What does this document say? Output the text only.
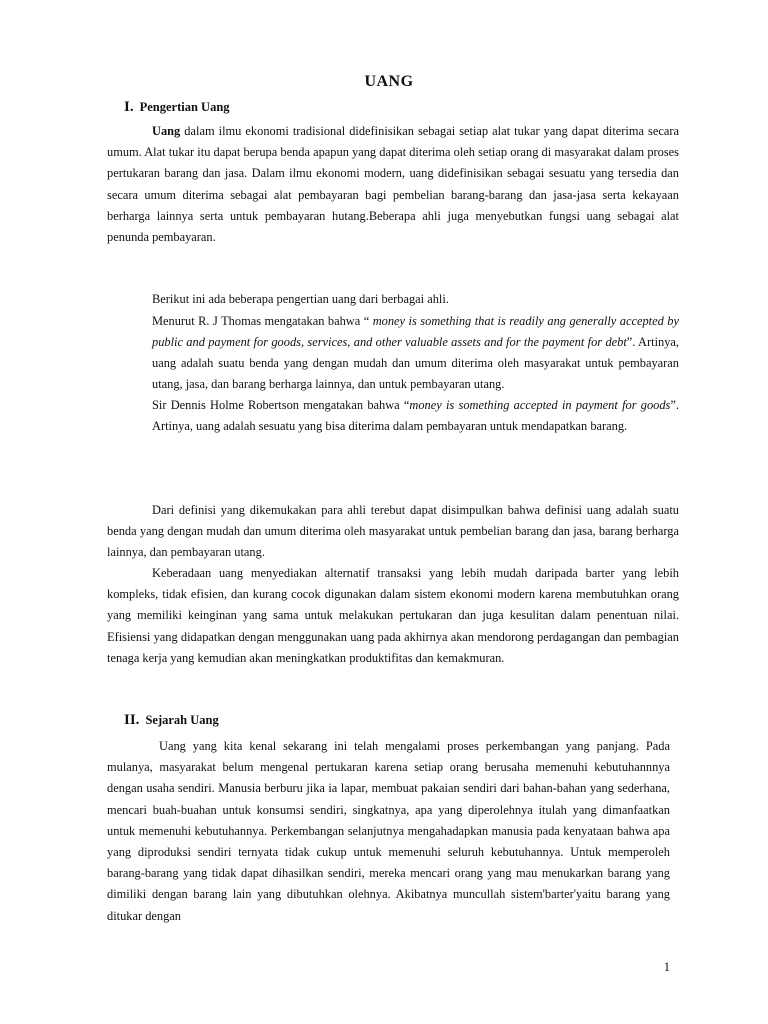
UANG
I. Pengertian Uang

Uang dalam ilmu ekonomi tradisional didefinisikan sebagai setiap alat tukar yang dapat diterima secara umum. Alat tukar itu dapat berupa benda apapun yang dapat diterima oleh setiap orang di masyarakat dalam proses pertukaran barang dan jasa. Dalam ilmu ekonomi modern, uang didefinisikan sebagai sesuatu yang tersedia dan secara umum diterima sebagai alat pembayaran bagi pembelian barang-barang dan jasa-jasa serta kekayaan berharga lainnya serta untuk pembayaran hutang.Beberapa ahli juga menyebutkan fungsi uang sebagai alat penunda pembayaran.

Berikut ini ada beberapa pengertian uang dari berbagai ahli.

Menurut R. J Thomas mengatakan bahwa “ money is something that is readily ang generally accepted by public and payment for goods, services, and other valuable assets and for the payment for debt”. Artinya, uang adalah suatu benda yang dengan mudah dan umum diterima oleh masyarakat untuk pembayaran utang, jasa, dan barang berharga lainnya, dan untuk pembayaran utang.
Sir Dennis Holme Robertson mengatakan bahwa “money is something accepted in payment for goods”. Artinya, uang adalah sesuatu yang bisa diterima dalam pembayaran untuk mendapatkan barang.

Dari definisi yang dikemukakan para ahli terebut dapat disimpulkan bahwa definisi uang adalah suatu benda yang dengan mudah dan umum diterima oleh masyarakat untuk pembelian barang dan jasa, barang berharga lainnya, dan pembayaran utang.

Keberadaan uang menyediakan alternatif transaksi yang lebih mudah daripada barter yang lebih kompleks, tidak efisien, dan kurang cocok digunakan dalam sistem ekonomi modern karena membutuhkan orang yang memiliki keinginan yang sama untuk melakukan pertukaran dan juga kesulitan dalam penentuan nilai. Efisiensi yang didapatkan dengan menggunakan uang pada akhirnya akan mendorong perdagangan dan pembagian tenaga kerja yang kemudian akan meningkatkan produktifitas dan kemakmuran.

II. Sejarah Uang

Uang yang kita kenal sekarang ini telah mengalami proses perkembangan yang panjang. Pada mulanya, masyarakat belum mengenal pertukaran karena setiap orang berusaha memenuhi kebutuhannnya dengan usaha sendiri. Manusia berburu jika ia lapar, membuat pakaian sendiri dari bahan-bahan yang sederhana, mencari buah-buahan untuk konsumsi sendiri, singkatnya, apa yang diperolehnya itulah yang dimanfaatkan untuk memenuhi kebutuhannya. Perkembangan selanjutnya mengahadapkan manusia pada kenyataan bahwa apa yang diproduksi sendiri ternyata tidak cukup untuk memenuhi seluruh kebutuhannya. Untuk memperoleh barang-barang yang tidak dapat dihasilkan sendiri, mereka mencari orang yang mau menukarkan barang yang dimiliki dengan barang lain yang dibutuhkan olehnya. Akibatnya muncullah sistem'barter'yaitu barang yang ditukar dengan

1
